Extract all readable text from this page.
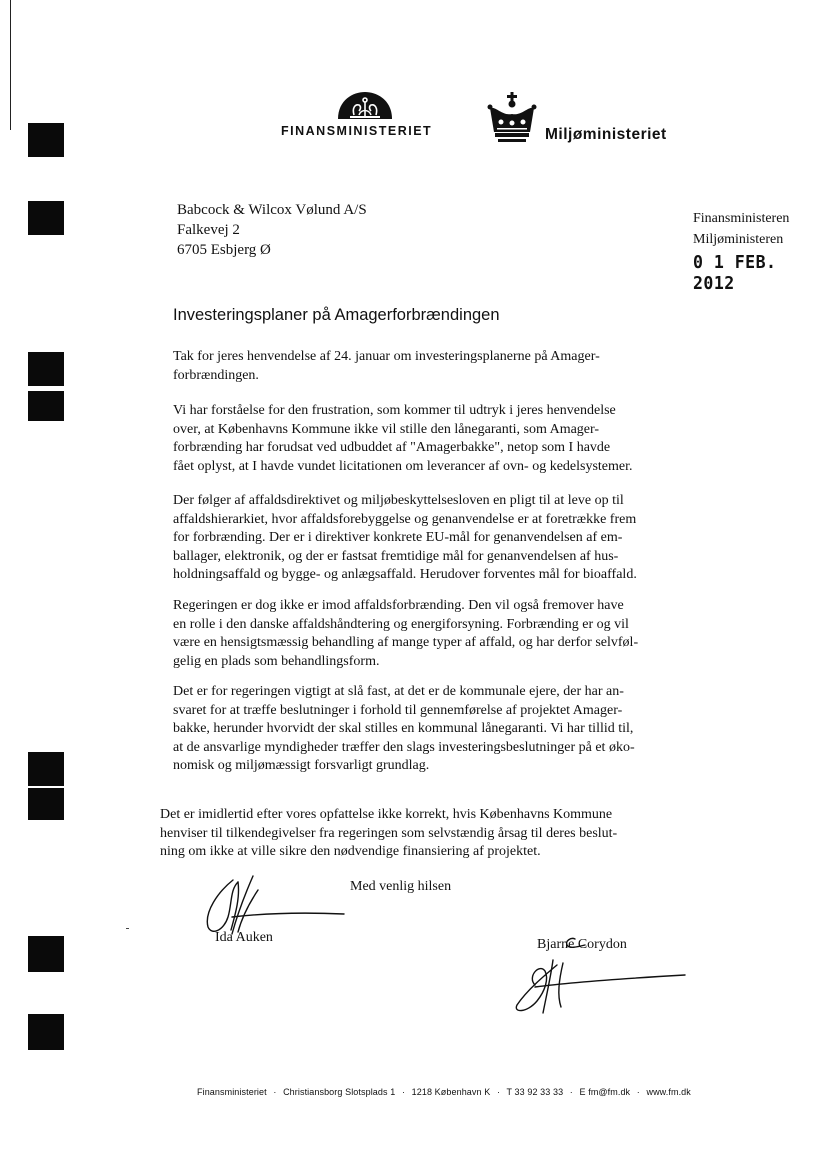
FINANSMINISTERIET	Miljøministeriet
Babcock & Wilcox Vølund A/S
Falkevej 2
6705 Esbjerg Ø
Finansministeren
Miljøministeren
0 1 FEB. 2012
Investeringsplaner på Amagerforbrændingen
Tak for jeres henvendelse af 24. januar om investeringsplanerne på Amager-
forbrændingen.
Vi har forståelse for den frustration, som kommer til udtryk i jeres henvendelse
over, at Københavns Kommune ikke vil stille den lånegaranti, som Amager-
forbrænding har forudsat ved udbuddet af "Amagerbakke", netop som I havde
fået oplyst, at I havde vundet licitationen om leverancer af ovn- og kedelsystemer.
Der følger af affaldsdirektivet og miljøbeskyttelsesloven en pligt til at leve op til
affaldshierarkiet, hvor affaldsforebyggelse og genanvendelse er at foretrække frem
for forbrænding. Der er i direktiver konkrete EU-mål for genanvendelsen af em-
ballager, elektronik, og der er fastsat fremtidige mål for genanvendelsen af hus-
holdningsaffald og bygge- og anlægsaffald. Herudover forventes mål for bioaffald.
Regeringen er dog ikke er imod affaldsforbrænding. Den vil også fremover have
en rolle i den danske affaldshåndtering og energiforsyning. Forbrænding er og vil
være en hensigtsmæssig behandling af mange typer af affald, og har derfor selvføl-
gelig en plads som behandlingsform.
Det er for regeringen vigtigt at slå fast, at det er de kommunale ejere, der har an-
svaret for at træffe beslutninger i forhold til gennemførelse af projektet Amager-
bakke, herunder hvorvidt der skal stilles en kommunal lånegaranti. Vi har tillid til,
at de ansvarlige myndigheder træffer den slags investeringsbeslutninger på et øko-
nomisk og miljømæssigt forsvarligt grundlag.
Det er imidlertid efter vores opfattelse ikke korrekt, hvis Københavns Kommune
henviser til tilkendegivelser fra regeringen som selvstændig årsag til deres beslut-
ning om ikke at ville sikre den nødvendige finansiering af projektet.
Med venlig hilsen
Ida Auken	Bjarne Corydon
Finansministeriet · Christiansborg Slotsplads 1 · 1218 København K · T 33 92 33 33 · E fm@fm.dk · www.fm.dk
